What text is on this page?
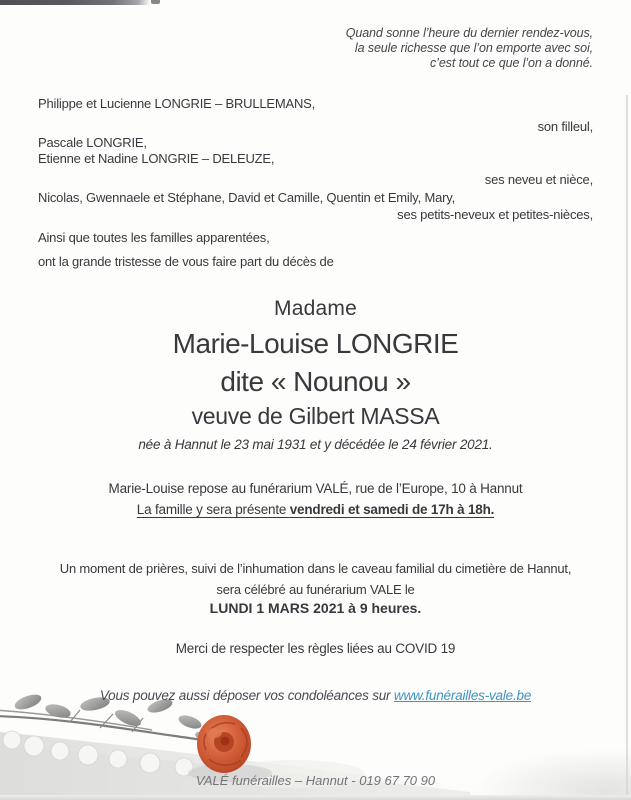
Quand sonne l’heure du dernier rendez-vous,
la seule richesse que l’on emporte avec soi,
c’est tout ce que l’on a donné.
Philippe et Lucienne LONGRIE – BRULLEMANS,
son filleul,
Pascale LONGRIE,
Etienne et Nadine LONGRIE – DELEUZE,
ses neveu et nièce,
Nicolas, Gwennaele et Stéphane, David et Camille, Quentin et Emily, Mary,
ses petits-neveux et petites-nièces,
Ainsi que toutes les familles apparentées,
ont la grande tristesse de vous faire part du décès de
Madame
Marie-Louise LONGRIE
dite « Nounou »
veuve de Gilbert MASSA
née à Hannut le 23 mai 1931 et y décédée le 24 février 2021.
Marie-Louise repose au funérarium VALÉ, rue de l’Europe, 10 à Hannut
La famille y sera présente vendredi et samedi de 17h à 18h.
Un moment de prières, suivi de l’inhumation dans le caveau familial du cimetière de Hannut,
sera célébré au funérarium VALE le
LUNDI 1 MARS 2021 à 9 heures.
Merci de respecter les règles liées au COVID 19
Vous pouvez aussi déposer vos condoléances sur www.funérailles-vale.be
VALÉ funérailles – Hannut - 019 67 70 90
